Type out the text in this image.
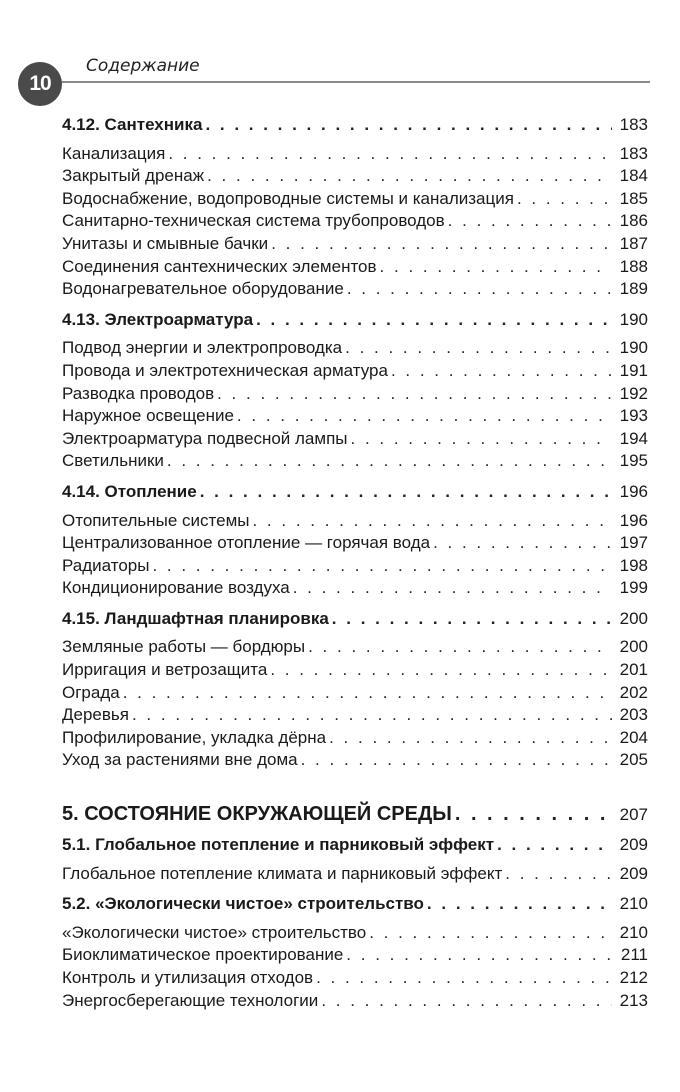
10
Содержание
4.12. Сантехника . . .	183
Канализация . . .	183
Закрытый дренаж . . .	184
Водоснабжение, водопроводные системы и канализация . . .	185
Санитарно-техническая система трубопроводов . . .	186
Унитазы и смывные бачки . . .	187
Соединения сантехнических элементов . . .	188
Водонагревательное оборудование . . .	189
4.13. Электроарматура . . .	190
Подвод энергии и электропроводка . . .	190
Провода и электротехническая арматура . . .	191
Разводка проводов . . .	192
Наружное освещение . . .	193
Электроарматура подвесной лампы . . .	194
Светильники . . .	195
4.14. Отопление . . .	196
Отопительные системы . . .	196
Централизованное отопление — горячая вода . . .	197
Радиаторы . . .	198
Кондиционирование воздуха . . .	199
4.15. Ландшафтная планировка . . .	200
Земляные работы — бордюры . . .	200
Ирригация и ветрозащита . . .	201
Ограда . . .	202
Деревья . . .	203
Профилирование, укладка дёрна . . .	204
Уход за растениями вне дома . . .	205
5. СОСТОЯНИЕ ОКРУЖАЮЩЕЙ СРЕДЫ . . .	207
5.1. Глобальное потепление и парниковый эффект . . .	209
Глобальное потепление климата и парниковый эффект . . .	209
5.2. «Экологически чистое» строительство . . .	210
«Экологически чистое» строительство . . .	210
Биоклиматическое проектирование . . .	211
Контроль и утилизация отходов . . .	212
Энергосберегающие технологии . . .	213
